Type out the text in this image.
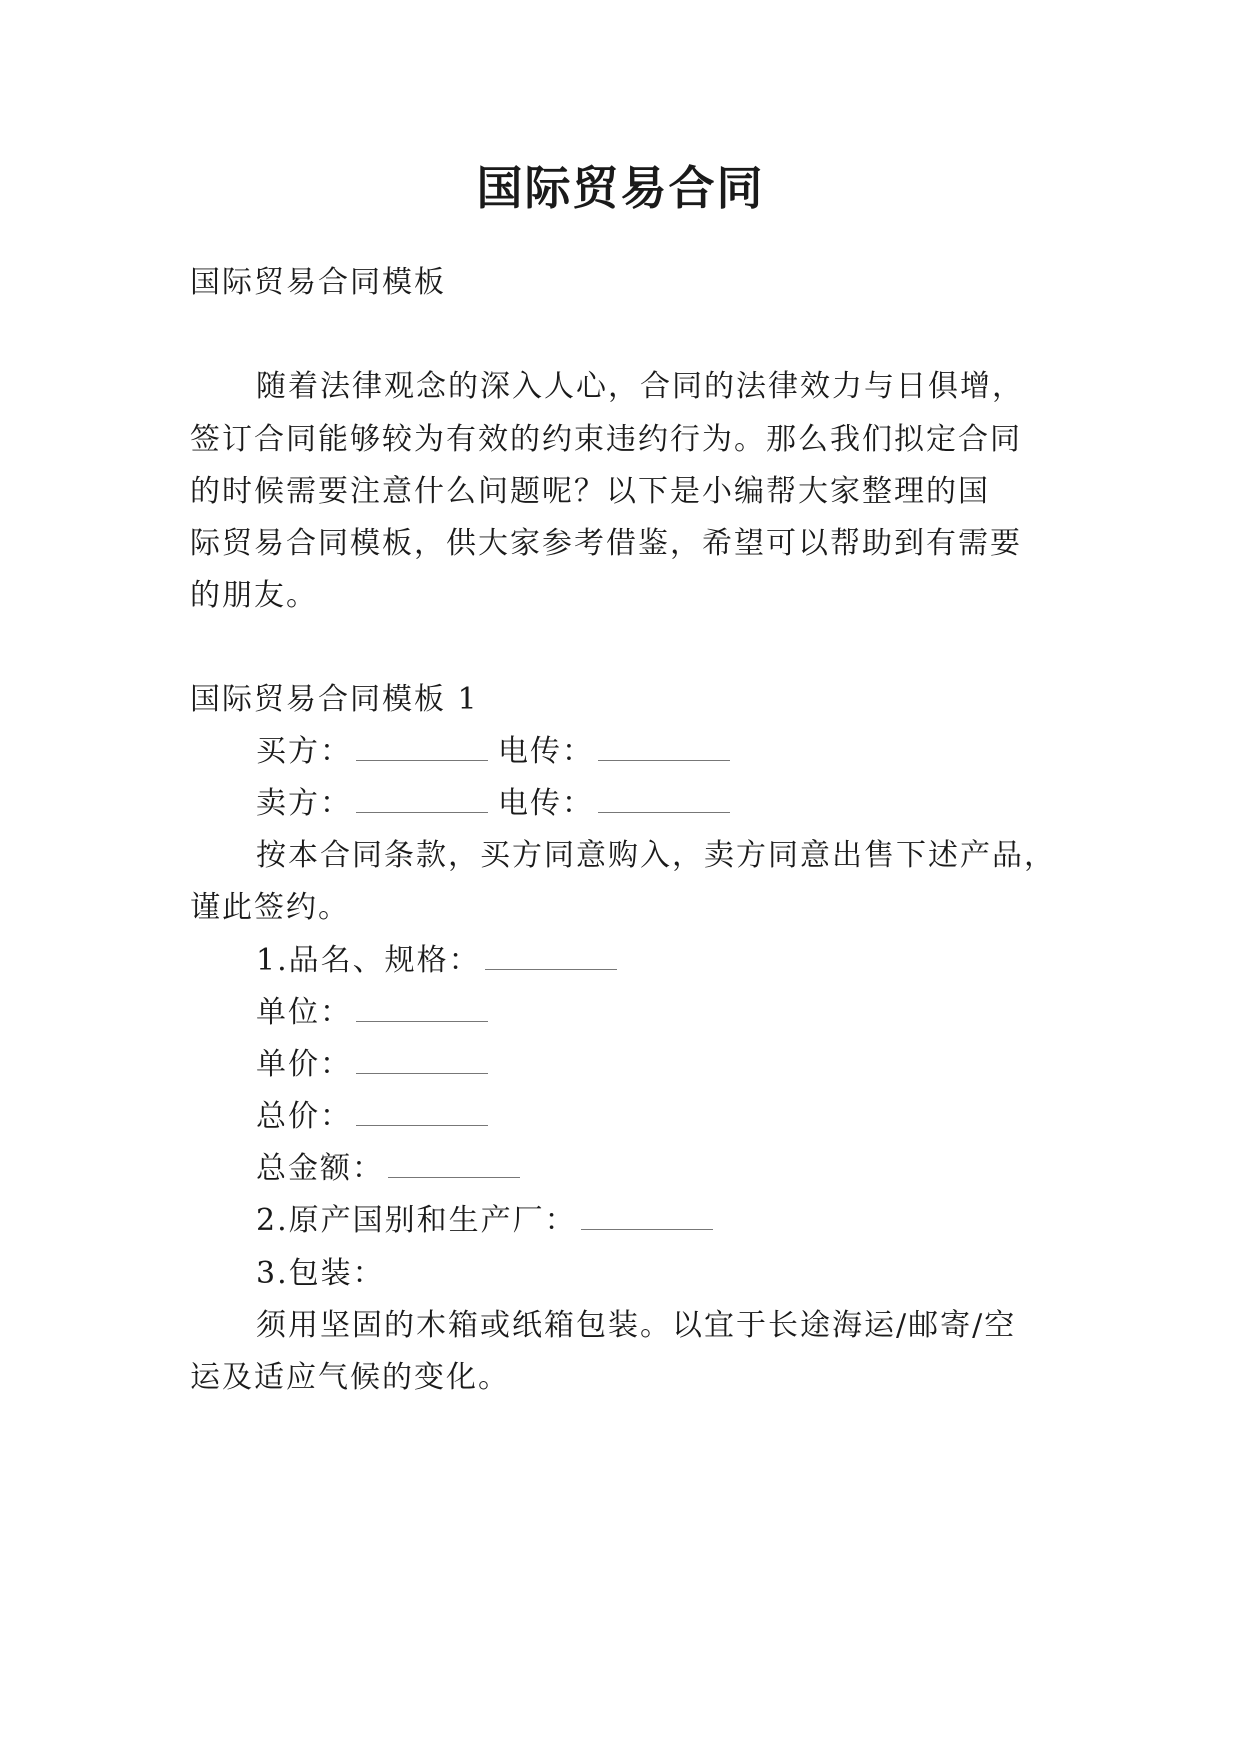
国际贸易合同
国际贸易合同模板
随着法律观念的深入人心，合同的法律效力与日俱增，
签订合同能够较为有效的约束违约行为。那么我们拟定合同
的时候需要注意什么问题呢？以下是小编帮大家整理的国
际贸易合同模板，供大家参考借鉴，希望可以帮助到有需要
的朋友。
国际贸易合同模板 1
买方：	电传：
卖方：	电传：
按本合同条款，买方同意购入，卖方同意出售下述产品，
谨此签约。
1.品名、规格：
单位：
单价：
总价：
总金额：
2.原产国别和生产厂：
3.包装：
须用坚固的木箱或纸箱包装。以宜于长途海运/邮寄/空
运及适应气候的变化。
